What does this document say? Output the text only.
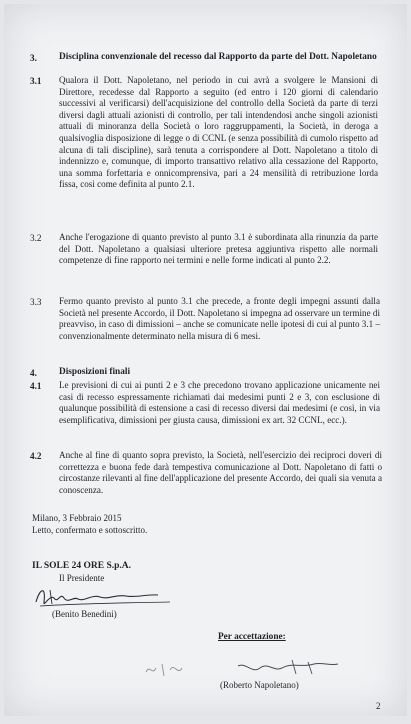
3. Disciplina convenzionale del recesso dal Rapporto da parte del Dott. Napoletano
3.1 Qualora il Dott. Napoletano, nel periodo in cui avrà a svolgere le Mansioni di Direttore, recedesse dal Rapporto a seguito (ed entro i 120 giorni di calendario successivi al verificarsi) dell'acquisizione del controllo della Società da parte di terzi diversi dagli attuali azionisti di controllo, per tali intendendosi anche singoli azionisti attuali di minoranza della Società o loro raggruppamenti, la Società, in deroga a qualsivoglia disposizione di legge o di CCNL (e senza possibilità di cumolo rispetto ad alcuna di tali discipline), sarà tenuta a corrispondere al Dott. Napoletano a titolo di indennizzo e, comunque, di importo transattivo relativo alla cessazione del Rapporto, una somma forfettaria e onnicomprensiva, pari a 24 mensilità di retribuzione lorda fissa, così come definita al punto 2.1.
3.2 Anche l'erogazione di quanto previsto al punto 3.1 è subordinata alla rinunzia da parte del Dott. Napoletano a qualsiasi ulteriore pretesa aggiuntiva rispetto alle normali competenze di fine rapporto nei termini e nelle forme indicati al punto 2.2.
3.3 Fermo quanto previsto al punto 3.1 che precede, a fronte degli impegni assunti dalla Società nel presente Accordo, il Dott. Napoletano si impegna ad osservare un termine di preavviso, in caso di dimissioni – anche se comunicate nelle ipotesi di cui al punto 3.1 – convenzionalmente determinato nella misura di 6 mesi.
4. Disposizioni finali
4.1 Le previsioni di cui ai punti 2 e 3 che precedono trovano applicazione unicamente nei casi di recesso espressamente richiamati dai medesimi punti 2 e 3, con esclusione di qualunque possibilità di estensione a casi di recesso diversi dai medesimi (e così, in via esemplificativa, dimissioni per giusta causa, dimissioni ex art. 32 CCNL, ecc.).
4.2 Anche al fine di quanto sopra previsto, la Società, nell'esercizio dei reciproci doveri di correttezza e buona fede darà tempestiva comunicazione al Dott. Napoletano di fatti o circostanze rilevanti al fine dell'applicazione del presente Accordo, dei quali sia venuta a conoscenza.
Milano, 3 Febbraio 2015
Letto, confermato e sottoscritto.
IL SOLE 24 ORE S.p.A.
Il Presidente
(Benito Benedini)
Per accettazione:
(Roberto Napoletano)
2
